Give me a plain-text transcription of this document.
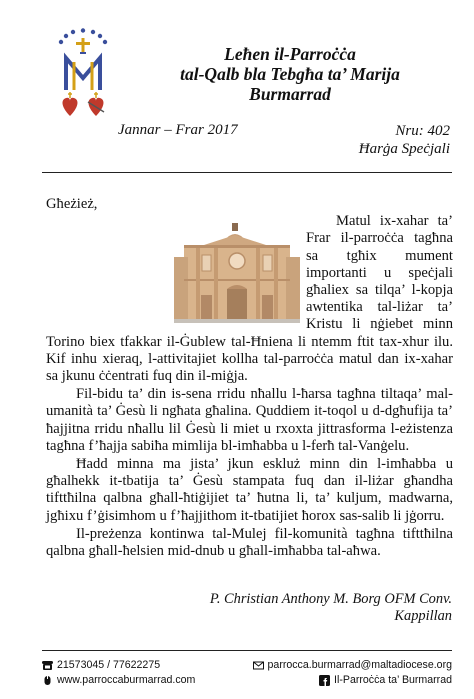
Leħen il-Parroċċa
tal-Qalb bla Tebgħa ta’ Marija
Burmarrad
Jannar – Frar 2017	Nru: 402
Ħarġa Speċjali

Għeżież,

Matul ix-xahar ta’ Frar il-parroċċa tagħna sa tgħix mument importanti u speċjali għaliex sa tilqa’ l-kopja awtentika tal-liżar ta’ Kristu li nġiebet minn Torino biex tfakkar il-Ġublew tal-Ħniena li ntemm ftit tax-xhur ilu. Kif inhu xieraq, l-attivitajiet kollha tal-parroċċa matul dan ix-xahar sa jkunu ċċentrati fuq din il-miġja.

Fil-bidu ta’ din is-sena rridu nħallu l-ħarsa tagħna tiltaqa’ mal-umanità ta’ Ġesù li ngħata għalina. Quddiem it-toqol u d-dgħufija ta’ ħajjitna rridu nħallu lil Ġesù li miet u rxoxta jittrasforma l-eżistenza tagħna f’ħajja sabiħa mimlija bl-imħabba u l-ferħ tal-Vanġelu.

Ħadd minna ma jista’ jkun eskluż minn din l-imħabba u għalhekk it-tbatija ta’ Ġesù stampata fuq dan il-liżar għandha tifttħilna qalbna għall-ħtiġijiet ta’ ħutna li, ta’ kuljum, madwarna, jgħixu f’ġisimhom u f’ħajjithom it-tbatijiet ħorox sas-salib li jġorru.

Il-preżenza kontinwa tal-Mulej fil-komunità tagħna tifttħilna qalbna għall-ħelsien mid-dnub u għall-imħabba tal-aħwa.

P. Christian Anthony M. Borg OFM Conv.
Kappillan
21573045 / 77622275	parrocca.burmarrad@maltadiocese.org
www.parroccaburmarrad.com	Il-Parroċċa ta’ Burmarrad
